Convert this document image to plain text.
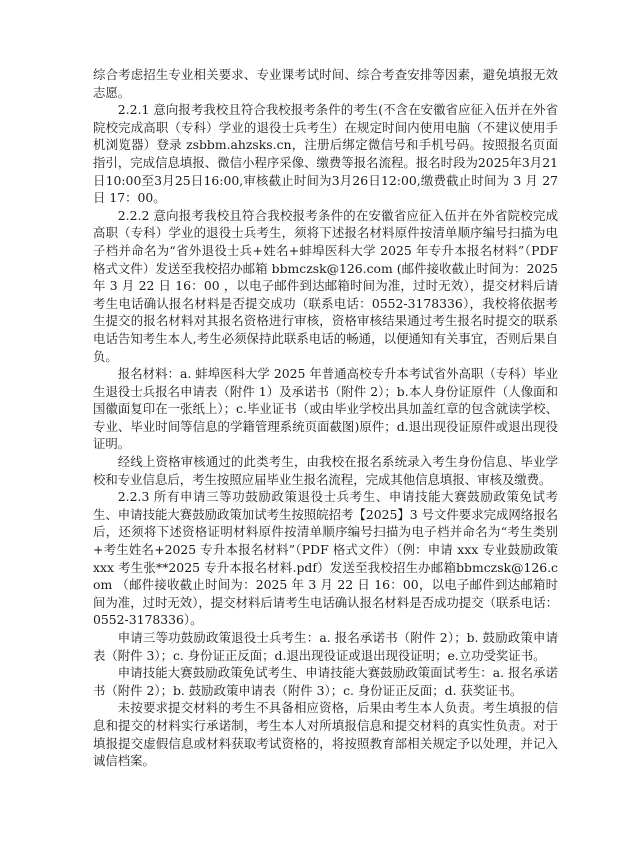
综合考虑招生专业相关要求、专业课考试时间、综合考查安排等因素，避免填报无效志愿。

2.2.1 意向报考我校且符合我校报考条件的考生(不含在安徽省应征入伍并在外省院校完成高职（专科）学业的退役士兵考生）在规定时间内使用电脑（不建议使用手机浏览器）登录 zsbbm.ahzsks.cn，注册后绑定微信号和手机号码。按照报名页面指引，完成信息填报、微信小程序采像、缴费等报名流程。报名时段为2025年3月21日10:00至3月25日16:00,审核截止时间为3月26日12:00,缴费截止时间为 3 月 27 日 17：00。

2.2.2 意向报考我校且符合我校报考条件的在安徽省应征入伍并在外省院校完成高职（专科）学业的退役士兵考生，须将下述报名材料原件按清单顺序编号扫描为电子档并命名为“省外退役士兵+姓名+蚌埠医科大学 2025 年专升本报名材料”（PDF 格式文件）发送至我校招办邮箱 bbmczsk@126.com (邮件接收截止时间为：2025 年 3 月 22 日 16：00 ，以电子邮件到达邮箱时间为准，过时无效），提交材料后请考生电话确认报名材料是否提交成功（联系电话：0552-3178336），我校将依据考生提交的报名材料对其报名资格进行审核，资格审核结果通过考生报名时提交的联系电话告知考生本人,考生必须保持此联系电话的畅通，以便通知有关事宜，否则后果自负。

报名材料：a. 蚌埠医科大学 2025 年普通高校专升本考试省外高职（专科）毕业生退役士兵报名申请表（附件 1）及承诺书（附件 2）；b.本人身份证原件（人像面和国徽面复印在一张纸上）；c.毕业证书（或由毕业学校出具加盖红章的包含就读学校、专业、毕业时间等信息的学籍管理系统页面截图)原件；d.退出现役证原件或退出现役证明。

经线上资格审核通过的此类考生，由我校在报名系统录入考生身份信息、毕业学校和专业信息后，考生按照应届毕业生报名流程，完成其他信息填报、审核及缴费。

2.2.3 所有申请三等功鼓励政策退役士兵考生、申请技能大赛鼓励政策免试考生、申请技能大赛鼓励政策加试考生按照皖招考【2025】3 号文件要求完成网络报名后，还须将下述资格证明材料原件按清单顺序编号扫描为电子档并命名为“考生类别+考生姓名+2025 专升本报名材料”（PDF 格式文件）（例：申请 xxx 专业鼓励政策 xxx 考生张**2025 专升本报名材料.pdf）发送至我校招生办邮箱bbmczsk@126.com （邮件接收截止时间为：2025 年 3 月 22 日 16：00，以电子邮件到达邮箱时间为准，过时无效），提交材料后请考生电话确认报名材料是否成功提交（联系电话：0552-3178336）。

申请三等功鼓励政策退役士兵考生：a. 报名承诺书（附件 2）；b. 鼓励政策申请表（附件 3）；c. 身份证正反面；d.退出现役证或退出现役证明；e.立功受奖证书。

申请技能大赛鼓励政策免试考生、申请技能大赛鼓励政策面试考生：a. 报名承诺书（附件 2）；b. 鼓励政策申请表（附件 3）；c. 身份证正反面；d. 获奖证书。

未按要求提交材料的考生不具备相应资格，后果由考生本人负责。考生填报的信息和提交的材料实行承诺制，考生本人对所填报信息和提交材料的真实性负责。对于填报提交虚假信息或材料获取考试资格的，将按照教育部相关规定予以处理，并记入诚信档案。
